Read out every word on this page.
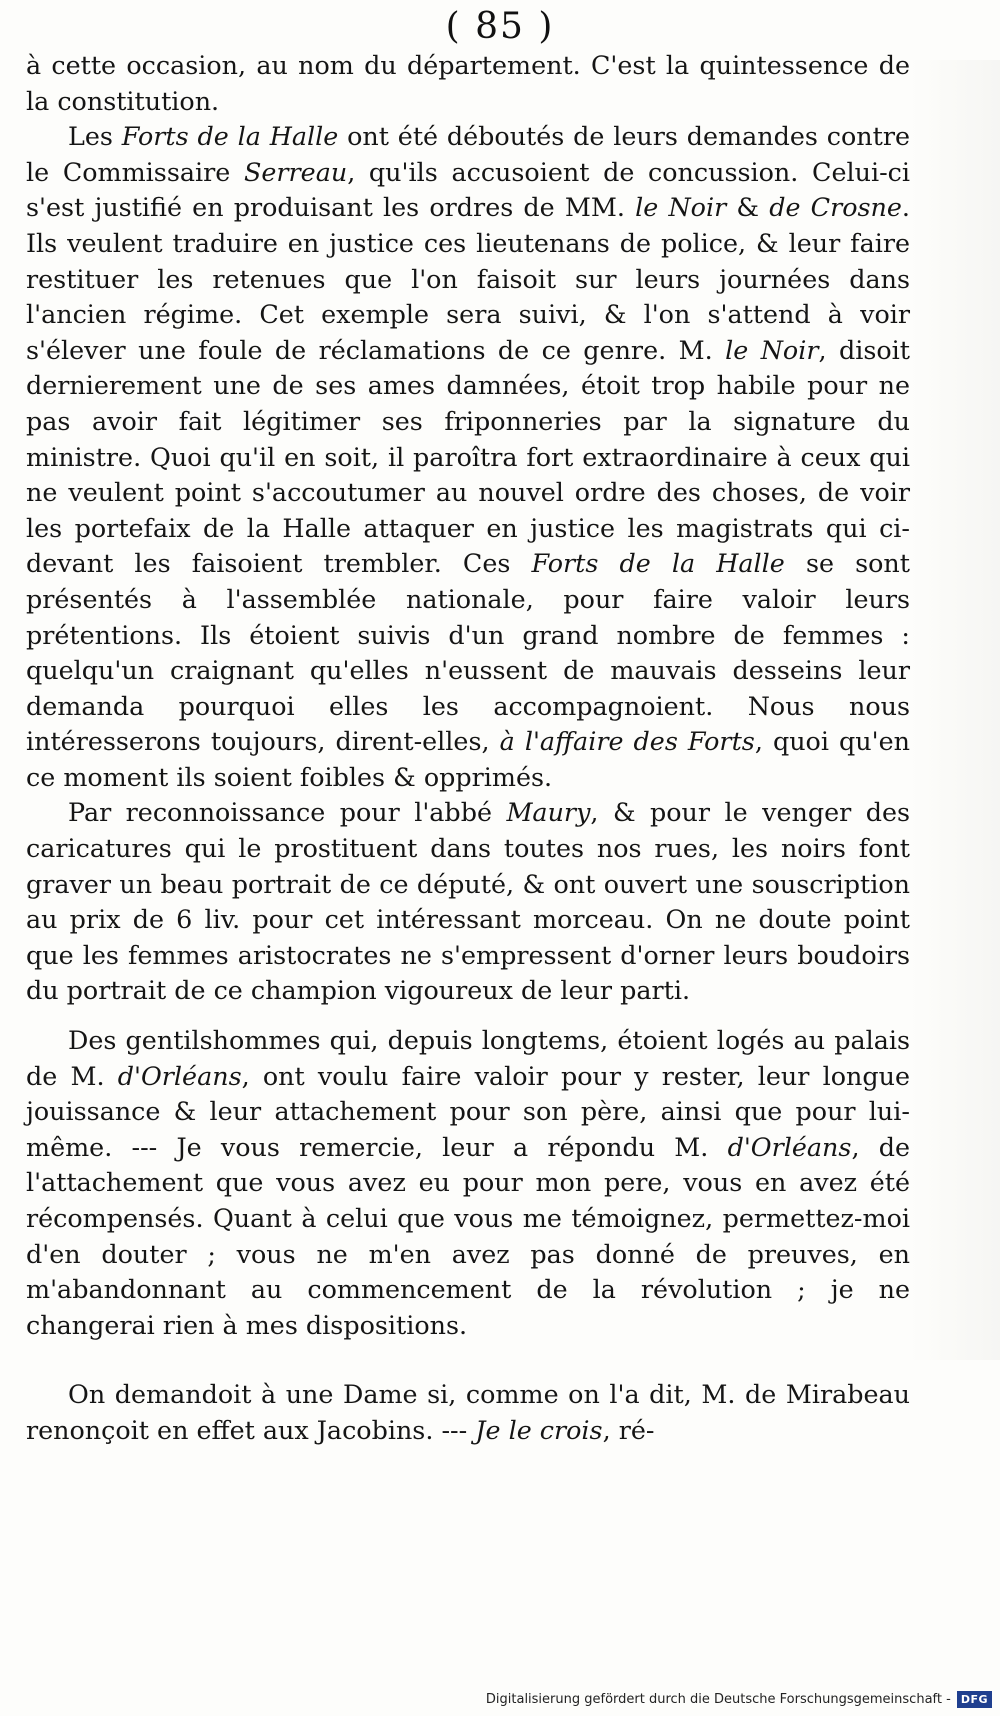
( 85 )

à cette occasion, au nom du département. C'est la quintessence de la constitution.

Les Forts de la Halle ont été déboutés de leurs demandes contre le Commissaire Serreau, qu'ils accusoient de concussion. Celui-ci s'est justifié en produisant les ordres de MM. le Noir & de Crosne. Ils veulent traduire en justice ces lieutenans de police, & leur faire restituer les retenues que l'on faisoit sur leurs journées dans l'ancien régime. Cet exemple sera suivi, & l'on s'attend à voir s'élever une foule de réclamations de ce genre. M. le Noir, disoit dernierement une de ses ames damnées, étoit trop habile pour ne pas avoir fait légitimer ses friponneries par la signature du ministre. Quoi qu'il en soit, il paroîtra fort extraordinaire à ceux qui ne veulent point s'accoutumer au nouvel ordre des choses, de voir les portefaix de la Halle attaquer en justice les magistrats qui ci-devant les faisoient trembler. Ces Forts de la Halle se sont présentés à l'assemblée nationale, pour faire valoir leurs prétentions. Ils étoient suivis d'un grand nombre de femmes : quelqu'un craignant qu'elles n'eussent de mauvais desseins leur demanda pourquoi elles les accompagnoient. Nous nous intéresserons toujours, dirent-elles, à l'affaire des Forts, quoi qu'en ce moment ils soient foibles & opprimés.

Par reconnoissance pour l'abbé Maury, & pour le venger des caricatures qui le prostituent dans toutes nos rues, les noirs font graver un beau portrait de ce député, & ont ouvert une souscription au prix de 6 liv. pour cet intéressant morceau. On ne doute point que les femmes aristocrates ne s'empressent d'orner leurs boudoirs du portrait de ce champion vigoureux de leur parti.

Des gentilshommes qui, depuis longtems, étoient logés au palais de M. d'Orléans, ont voulu faire valoir pour y rester, leur longue jouissance & leur attachement pour son père, ainsi que pour lui-même. --- Je vous remercie, leur a répondu M. d'Orléans, de l'attachement que vous avez eu pour mon pere, vous en avez été récompensés. Quant à celui que vous me témoignez, permettez-moi d'en douter ; vous ne m'en avez pas donné de preuves, en m'abandonnant au commencement de la révolution ; je ne changerai rien à mes dispositions.

On demandoit à une Dame si, comme on l'a dit, M. de Mirabeau renonçoit en effet aux Jacobins. --- Je le crois, ré-

Digitalisierung gefördert durch die Deutsche Forschungsgemeinschaft - DFG
